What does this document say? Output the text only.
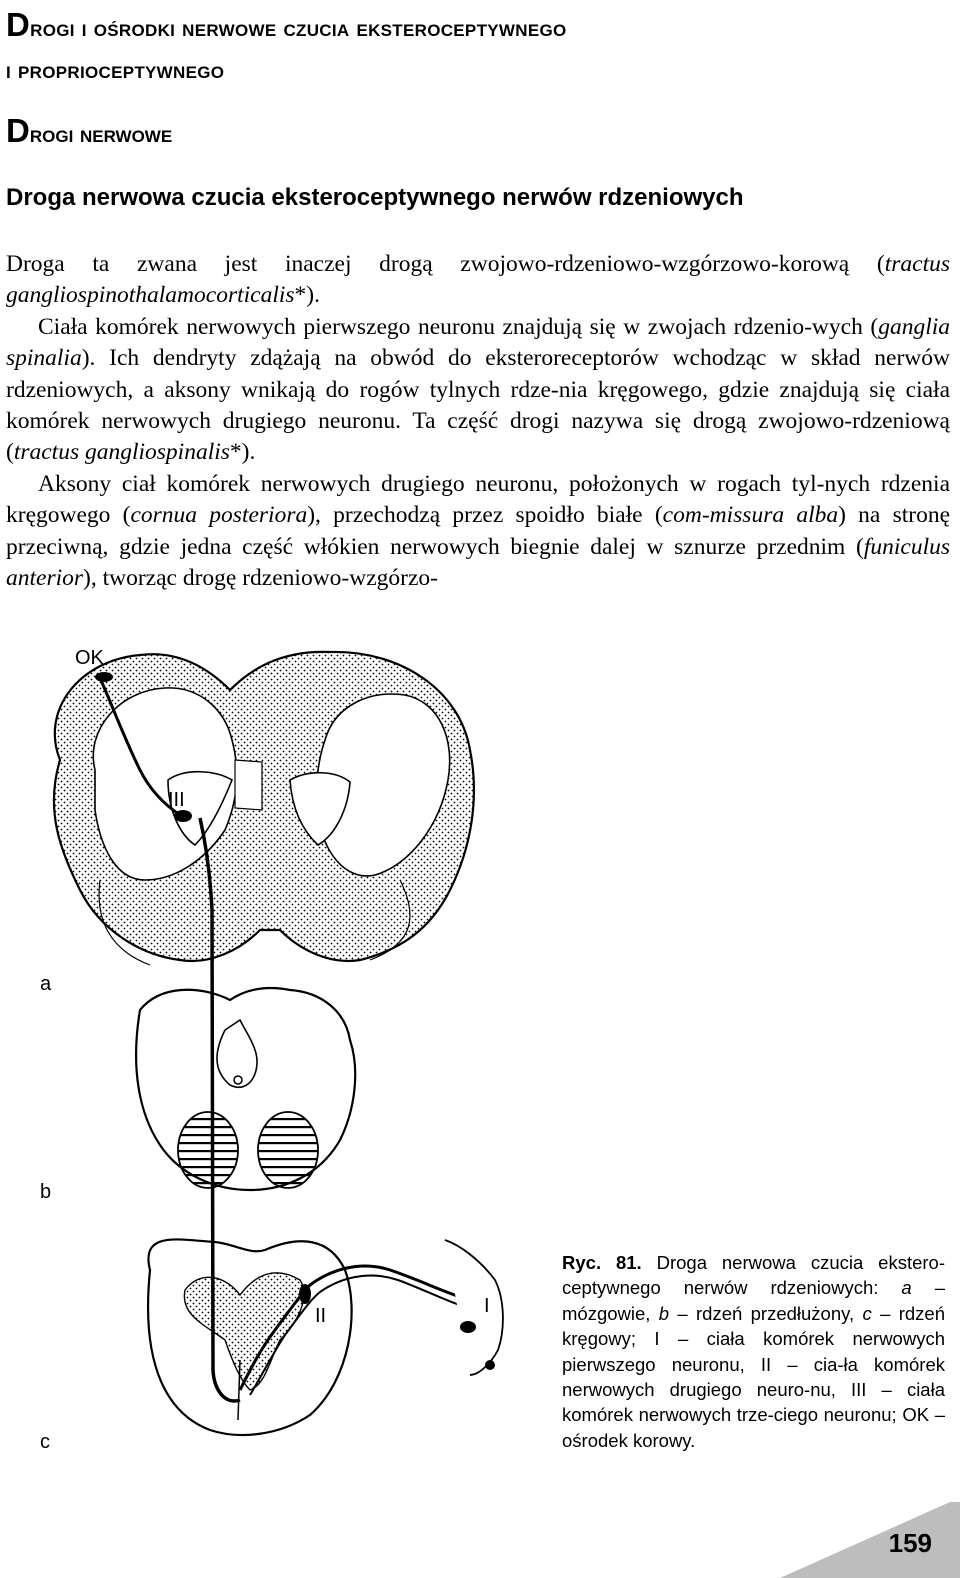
Drogi i ośrodki nerwowe czucia eksteroceptywnego
i proprioceptywnego
Drogi nerwowe
Droga nerwowa czucia eksteroceptywnego nerwów rdzeniowych

Droga ta zwana jest inaczej drogą zwojowo-rdzeniowo-wzgórzowo-korową (tractus gangliospinothalamocorticalis*).

Ciała komórek nerwowych pierwszego neuronu znajdują się w zwojach rdzenio-wych (ganglia spinalia). Ich dendryty zdążają na obwód do eksteroreceptorów wchodząc w skład nerwów rdzeniowych, a aksony wnikają do rogów tylnych rdze-nia kręgowego, gdzie znajdują się ciała komórek nerwowych drugiego neuronu. Ta część drogi nazywa się drogą zwojowo-rdzeniową (tractus gangliospinalis*).

Aksony ciał komórek nerwowych drugiego neuronu, położonych w rogach tyl-nych rdzenia kręgowego (cornua posteriora), przechodzą przez spoidło białe (com-missura alba) na stronę przeciwną, gdzie jedna część włókien nerwowych biegnie dalej w sznurze przednim (funiculus anterior), tworząc drogę rdzeniowo-wzgórzo-

OK
III
II	I
a
b
c
Ryc. 81. Droga nerwowa czucia ekstero-ceptywnego nerwów rdzeniowych: a – mózgowie, b – rdzeń przedłużony, c – rdzeń kręgowy; I – ciała komórek nerwowych pierwszego neuronu, II – cia-ła komórek nerwowych drugiego neuro-nu, III – ciała komórek nerwowych trze-ciego neuronu; OK – ośrodek korowy.
159
